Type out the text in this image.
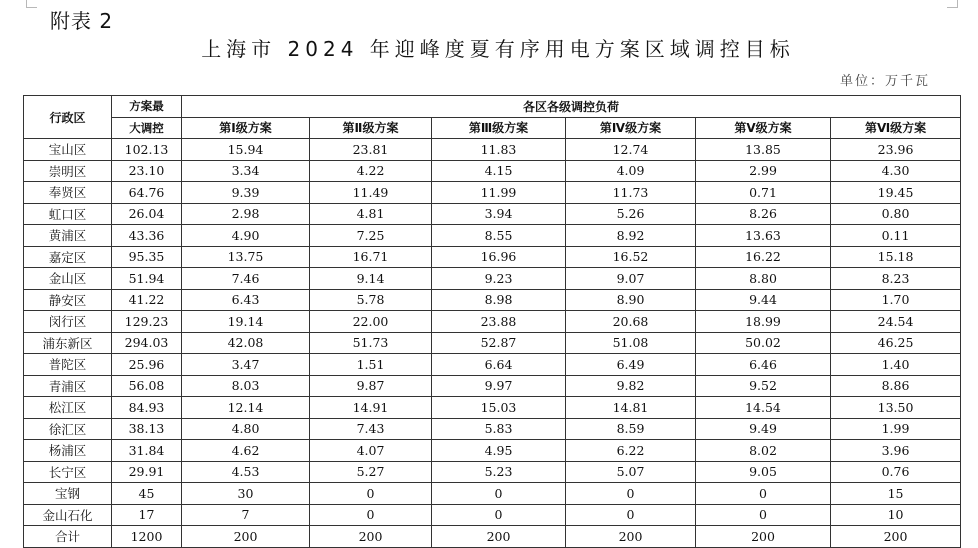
附表 2
上海市 2024 年迎峰度夏有序用电方案区域调控目标
单位：万千瓦
行政区	方案最	各区各级调控负荷					
	大调控	第Ⅰ级方案	第Ⅱ级方案	第Ⅲ级方案	第Ⅳ级方案	第Ⅴ级方案	第Ⅵ级方案
宝山区	102.13	15.94	23.81	11.83	12.74	13.85	23.96
崇明区	23.10	3.34	4.22	4.15	4.09	2.99	4.30
奉贤区	64.76	9.39	11.49	11.99	11.73	0.71	19.45
虹口区	26.04	2.98	4.81	3.94	5.26	8.26	0.80
黄浦区	43.36	4.90	7.25	8.55	8.92	13.63	0.11
嘉定区	95.35	13.75	16.71	16.96	16.52	16.22	15.18
金山区	51.94	7.46	9.14	9.23	9.07	8.80	8.23
静安区	41.22	6.43	5.78	8.98	8.90	9.44	1.70
闵行区	129.23	19.14	22.00	23.88	20.68	18.99	24.54
浦东新区	294.03	42.08	51.73	52.87	51.08	50.02	46.25
普陀区	25.96	3.47	1.51	6.64	6.49	6.46	1.40
青浦区	56.08	8.03	9.87	9.97	9.82	9.52	8.86
松江区	84.93	12.14	14.91	15.03	14.81	14.54	13.50
徐汇区	38.13	4.80	7.43	5.83	8.59	9.49	1.99
杨浦区	31.84	4.62	4.07	4.95	6.22	8.02	3.96
长宁区	29.91	4.53	5.27	5.23	5.07	9.05	0.76
宝钢	45	30	0	0	0	0	15
金山石化	17	7	0	0	0	0	10
合计	1200	200	200	200	200	200	200
